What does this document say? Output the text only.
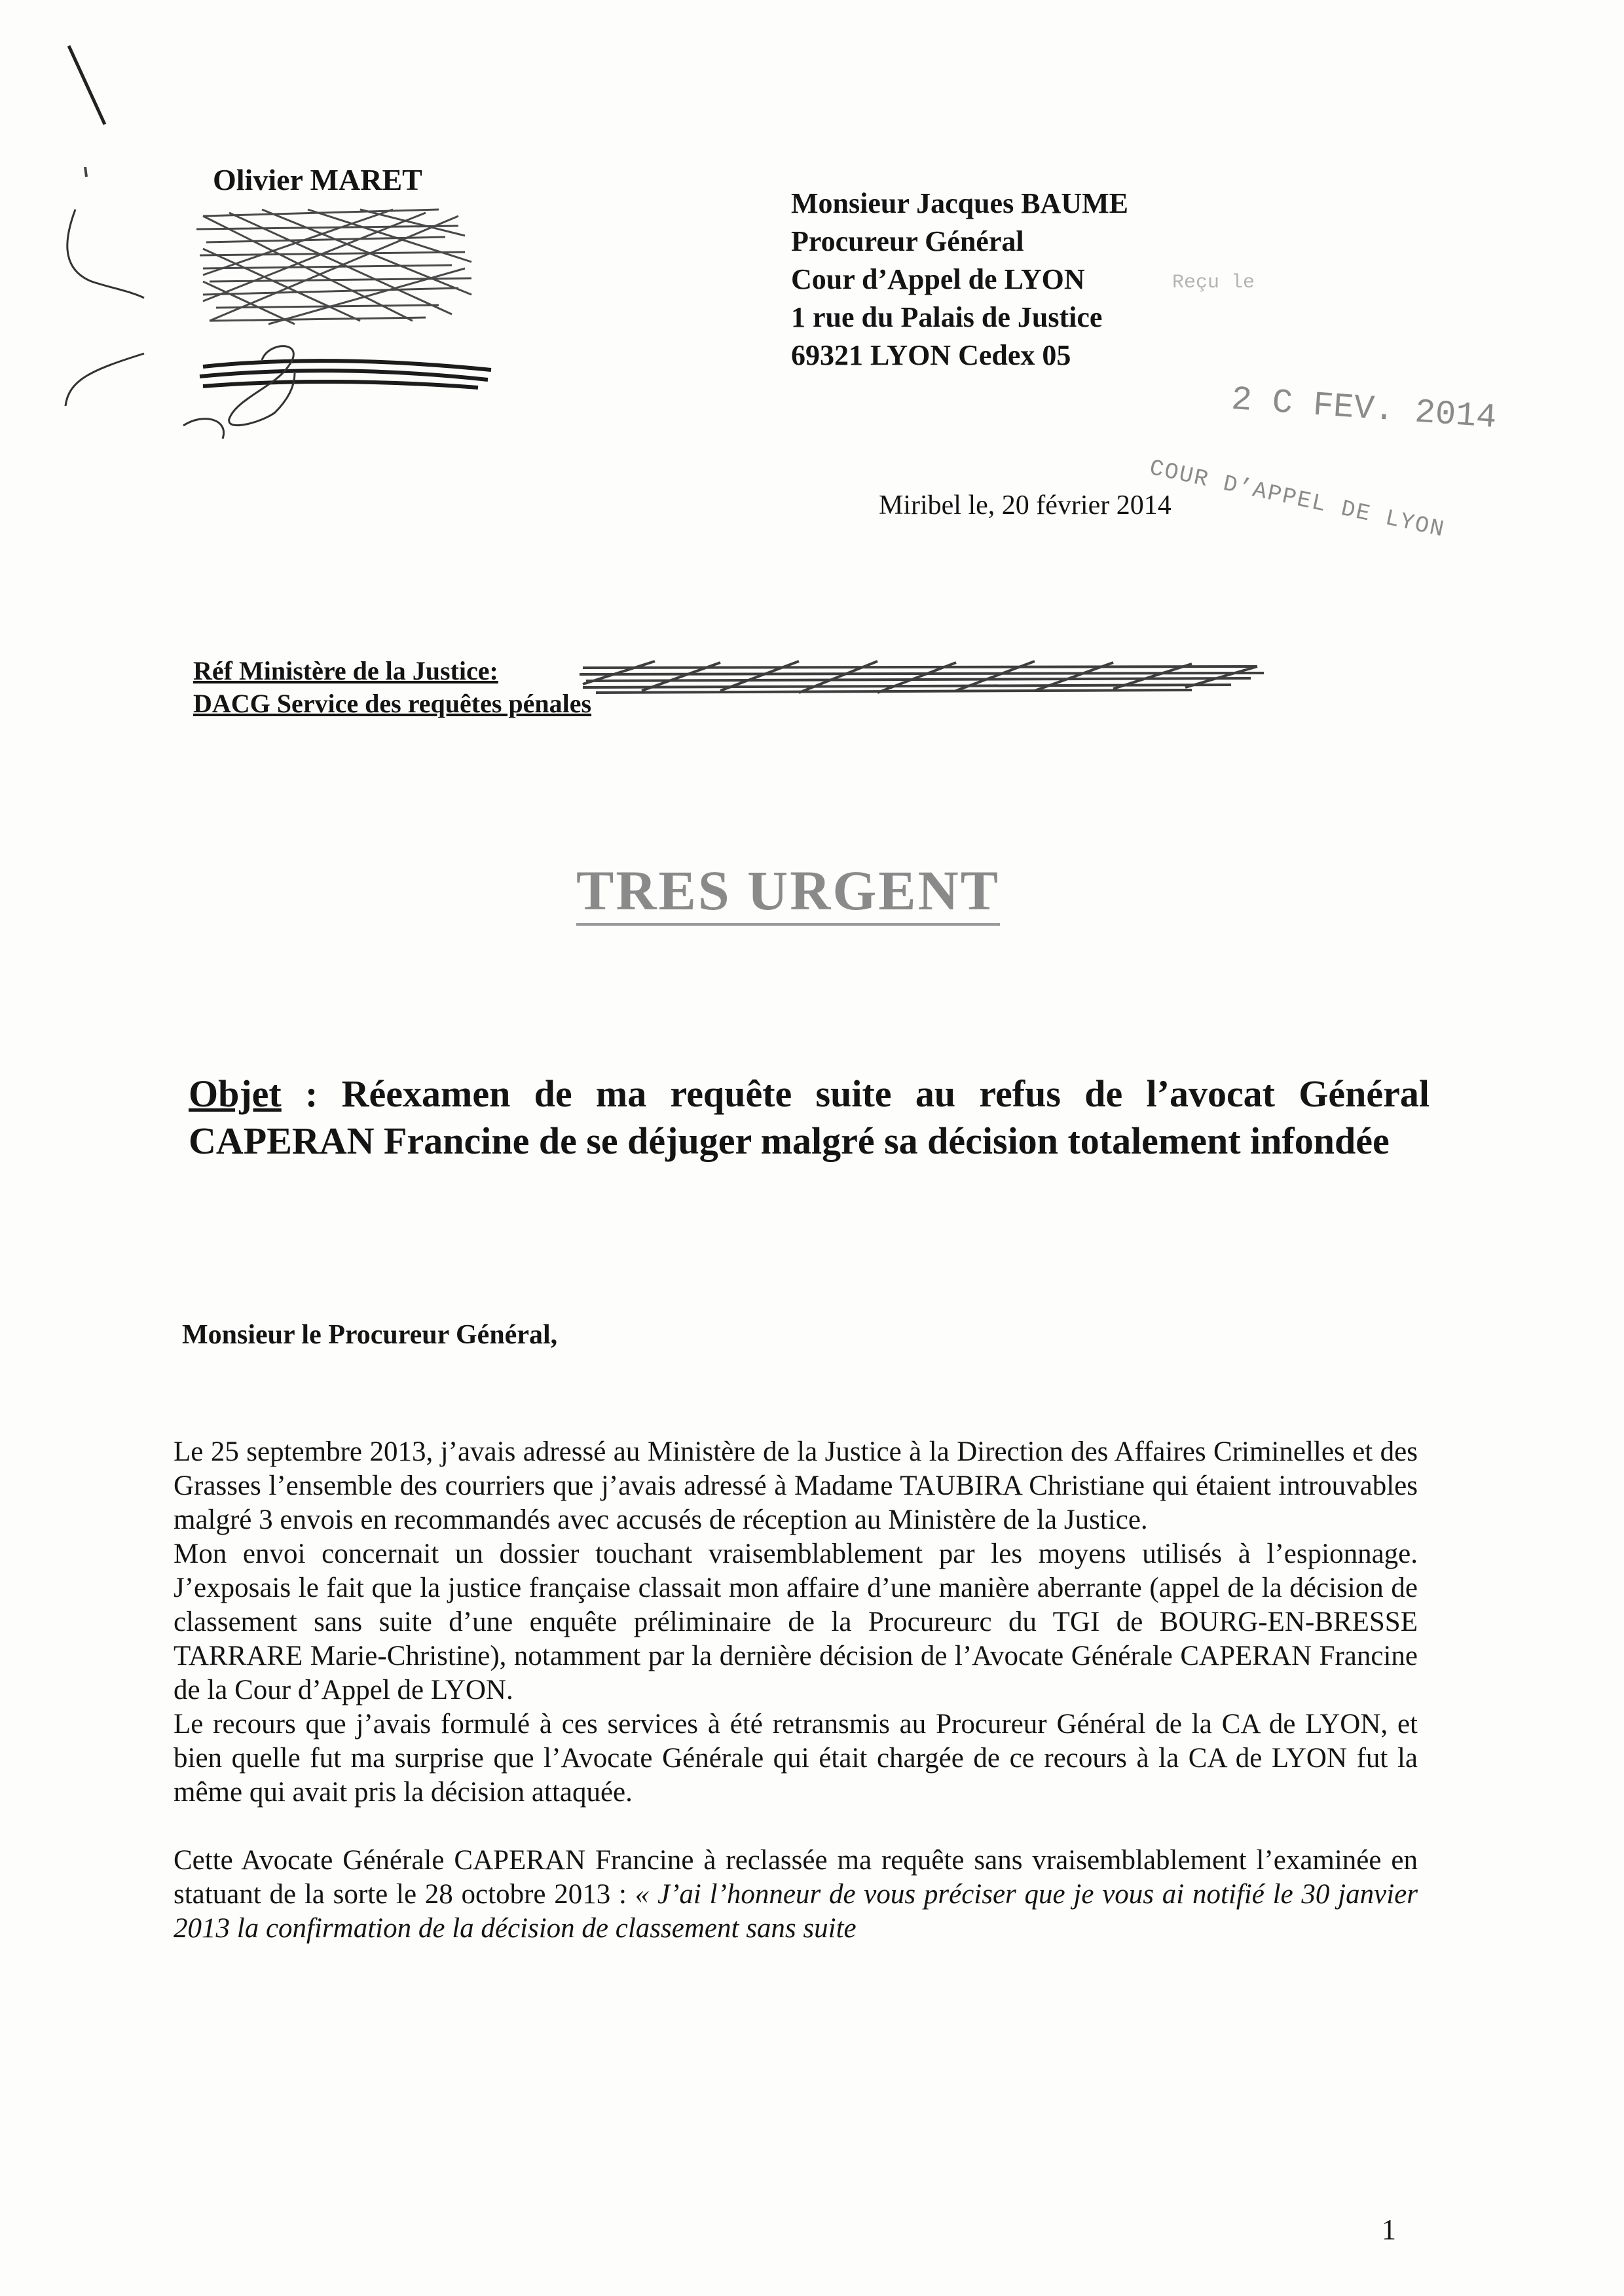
Olivier MARET
Monsieur Jacques BAUME
Procureur Général
Cour d’Appel de LYON
1 rue du Palais de Justice
69321 LYON Cedex 05
Reçu le
2 C FEV. 2014
COUR D’APPEL DE LYON
Miribel le, 20 février 2014
Réf Ministère de la Justice:
DACG Service des requêtes pénales
TRES URGENT
Objet : Réexamen de ma requête suite au refus de l’avocat Général CAPERAN Francine de se déjuger malgré sa décision totalement infondée
Monsieur le Procureur Général,

Le 25 septembre 2013, j’avais adressé au Ministère de la Justice à la Direction des Affaires Criminelles et des Grasses l’ensemble des courriers que j’avais adressé à Madame TAUBIRA Christiane qui étaient introuvables malgré 3 envois en recommandés avec accusés de réception au Ministère de la Justice.

Mon envoi concernait un dossier touchant vraisemblablement par les moyens utilisés à l’espionnage. J’exposais le fait que la justice française classait mon affaire d’une manière aberrante (appel de la décision de classement sans suite d’une enquête préliminaire de la Procureurc du TGI de BOURG-EN-BRESSE TARRARE Marie-Christine), notamment par la dernière décision de l’Avocate Générale CAPERAN Francine de la Cour d’Appel de LYON.

Le recours que j’avais formulé à ces services à été retransmis au Procureur Général de la CA de LYON, et bien quelle fut ma surprise que l’Avocate Générale qui était chargée de ce recours à la CA de LYON fut la même qui avait pris la décision attaquée.

Cette Avocate Générale CAPERAN Francine à reclassée ma requête sans vraisemblablement l’examinée en statuant de la sorte le 28 octobre 2013 : « J’ai l’honneur de vous préciser que je vous ai notifié le 30 janvier 2013 la confirmation de la décision de classement sans suite

1
